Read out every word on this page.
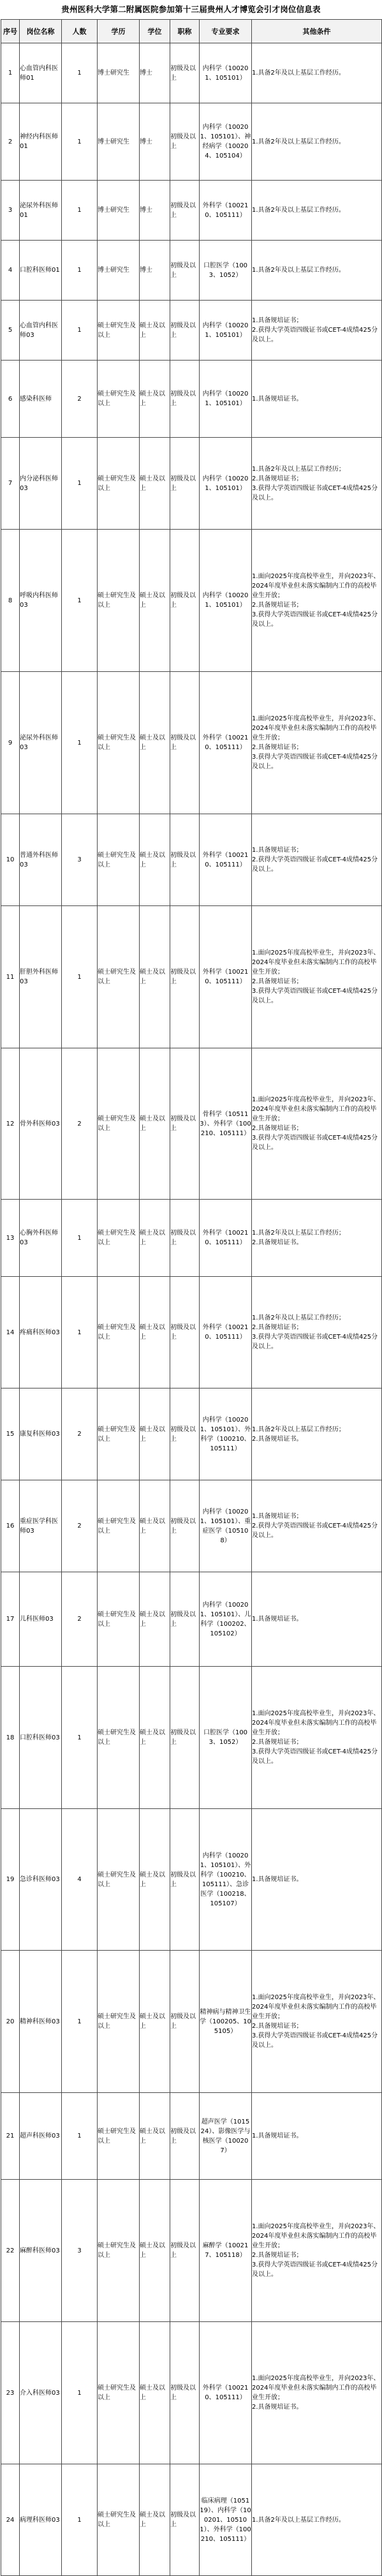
贵州医科大学第二附属医院参加第十三届贵州人才博览会引才岗位信息表
序号	岗位名称	人数	学历	学位	职称	专业要求	其他条件
1	心血管内科医师01	1	博士研究生	博士	初级及以上	内科学（100201、105101）	1.具备2年及以上基层工作经历。

2	神经内科医师01	1	博士研究生	博士	初级及以上	内科学（100201、105101）、神经病学（100204、105104）	1.具备2年及以上基层工作经历。

3	泌尿外科医师01	1	博士研究生	博士	初级及以上	外科学（100210、105111）	1.具备2年及以上基层工作经历。

4	口腔科医师01	1	博士研究生	博士	初级及以上	口腔医学（1003、1052）	1.具备2年及以上基层工作经历。

5	心血管内科医师03	1	硕士研究生及以上	硕士及以上	初级及以上	内科学（100201、105101）	1.具备规培证书；
2.获得大学英语四级证书或CET-4成绩425分及以上。

6	感染科医师	2	硕士研究生及以上	硕士及以上	初级及以上	内科学（100201、105101）	1.具备规培证书。

7	内分泌科医师03	1	硕士研究生及以上	硕士及以上	初级及以上	内科学（100201、105101）	1.具备2年及以上基层工作经历；
2.具备规培证书；
3.获得大学英语四级证书或CET-4成绩425分及以上。

8	呼吸内科医师03	1	硕士研究生及以上	硕士及以上	初级及以上	内科学（100201、105101）	1.面向2025年度高校毕业生，并向2023年、2024年度毕业但未落实编制内工作的高校毕业生开放；
2.具备规培证书；
3.获得大学英语四级证书或CET-4成绩425分及以上。

9	泌尿外科医师03	1	硕士研究生及以上	硕士及以上	初级及以上	外科学（100210、105111）	1.面向2025年度高校毕业生，并向2023年、2024年度毕业但未落实编制内工作的高校毕业生开放；
2.具备规培证书；
3.获得大学英语四级证书或CET-4成绩425分及以上。

10	普通外科医师03	3	硕士研究生及以上	硕士及以上	初级及以上	外科学（100210、105111）	1.具备规培证书；
2.获得大学英语四级证书或CET-4成绩425分及以上。

11	肝胆外科医师03	1	硕士研究生及以上	硕士及以上	初级及以上	外科学（100210、105111）	1.面向2025年度高校毕业生，并向2023年、2024年度毕业但未落实编制内工作的高校毕业生开放；
2.具备规培证书；
3.获得大学英语四级证书或CET-4成绩425分及以上。

12	骨外科医师03	2	硕士研究生及以上	硕士及以上	初级及以上	骨科学（105113）、外科学（100210、105111）	1.面向2025年度高校毕业生，并向2023年、2024年度毕业但未落实编制内工作的高校毕业生开放；
2.具备规培证书；
3.获得大学英语四级证书或CET-4成绩425分及以上。

13	心胸外科医师03	1	硕士研究生及以上	硕士及以上	初级及以上	外科学（100210、105111）	1.具备2年及以上基层工作经历；
2.具备规培证书。

14	疼痛科医师03	1	硕士研究生及以上	硕士及以上	初级及以上	外科学（100210、105111）	1.具备2年及以上基层工作经历；
2.具备规培证书；
3.获得大学英语四级证书或CET-4成绩425分及以上。

15	康复科医师03	2	硕士研究生及以上	硕士及以上	初级及以上	内科学（100201、105101）、外科学（100210、105111）	1.具备2年及以上基层工作经历；
2.具备规培证书。

16	重症医学科医师03	2	硕士研究生及以上	硕士及以上	初级及以上	内科学（100201、105101）、重症医学（105108）	1.具备规培证书；
2.获得大学英语四级证书或CET-4成绩425分及以上。

17	儿科医师03	2	硕士研究生及以上	硕士及以上	初级及以上	内科学（100201、105101）、儿科学（100202、105102）	1.具备规培证书。

18	口腔科医师03	1	硕士研究生及以上	硕士及以上	初级及以上	口腔医学（1003、1052）	1.面向2025年度高校毕业生，并向2023年、2024年度毕业但未落实编制内工作的高校毕业生开放；
2.具备规培证书；
3.获得大学英语四级证书或CET-4成绩425分及以上。

19	急诊科医师03	4	硕士研究生及以上	硕士及以上	初级及以上	内科学（100201、105101）、外科学（100210、105111）、急诊医学（100218、105107）	1.具备规培证书。

20	精神科医师03	1	硕士研究生及以上	硕士及以上	初级及以上	精神病与精神卫生学（100205、105105）	1.面向2025年度高校毕业生，并向2023年、2024年度毕业但未落实编制内工作的高校毕业生开放；
2.具备规培证书；
3.获得大学英语四级证书或CET-4成绩425分及以上。

21	超声科医师03	1	硕士研究生及以上	硕士及以上	初级及以上	超声医学（101524）、影像医学与核医学（100207）	1.具备规培证书。

22	麻醉科医师03	3	硕士研究生及以上	硕士及以上	初级及以上	麻醉学（100217、105118）	1.面向2025年度高校毕业生，并向2023年、2024年度毕业但未落实编制内工作的高校毕业生开放；
2.具备规培证书；
3.获得大学英语四级证书或CET-4成绩425分及以上。

23	介入科医师03	1	硕士研究生及以上	硕士及以上	初级及以上	外科学（100210、105111）	1.面向2025年度高校毕业生，并向2023年、2024年度毕业但未落实编制内工作的高校毕业生开放；
2.具备规培证书。

24	病理科医师03	1	硕士研究生及以上	硕士及以上	初级及以上	临床病理（105119）、内科学（100201、105101）、外科学（100210、105111）	1.具备2年及以上基层工作经历。
